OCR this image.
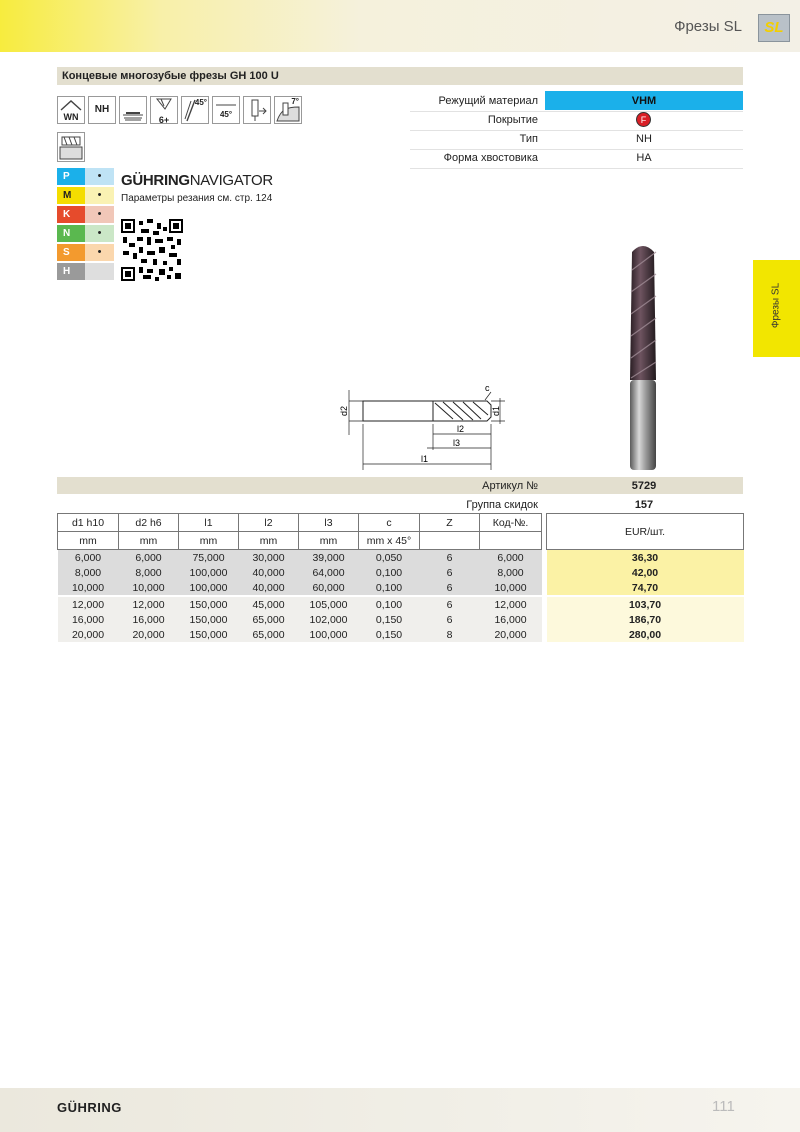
Фрезы SL	SL
Концевые многозубые фрезы GH 100 U
WN
NH
6+
45°
45°
7°
P	•
M	•
K	•
N	•
S	•
H
GÜHRINGNAVIGATOR
Параметры резания см. стр. 124
Режущий материал	VHM
Покрытие	F
Тип	NH
Форма хвостовика	HA
d2	d1
c
l2
l3
l1
Артикул №	5729
Группа скидок	157
d1 h10	d2 h6	l1	l2	l3	c	Z	Код-№.		EUR/шт.
mm	mm	mm	mm	mm	mm x 45°				
6,000	6,000	75,000	30,000	39,000	0,050	6	6,000		36,30
8,000	8,000	100,000	40,000	64,000	0,100	6	8,000		42,00
10,000	10,000	100,000	40,000	60,000	0,100	6	10,000		74,70

12,000	12,000	150,000	45,000	105,000	0,100	6	12,000		103,70
16,000	16,000	150,000	65,000	102,000	0,150	6	16,000		186,70
20,000	20,000	150,000	65,000	100,000	0,150	8	20,000		280,00
Фрезы SL
GÜHRING	111
